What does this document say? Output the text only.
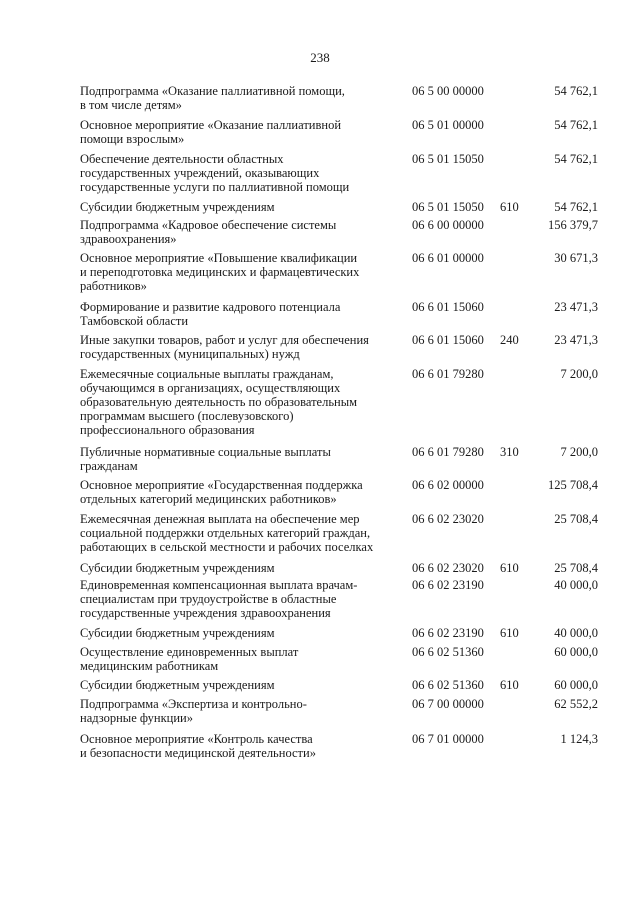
238
Подпрограмма «Оказание паллиативной помощи,
в том числе детям»
06 5 00 00000	54 762,1
Основное мероприятие «Оказание паллиативной
помощи взрослым»
06 5 01 00000	54 762,1
Обеспечение деятельности областных
государственных учреждений, оказывающих
государственные услуги по паллиативной помощи
06 5 01 15050	54 762,1
Субсидии бюджетным учреждениям	06 5 01 15050 610	54 762,1
Подпрограмма «Кадровое обеспечение системы
здравоохранения»
06 6 00 00000	156 379,7
Основное мероприятие «Повышение квалификации
и переподготовка медицинских и фармацевтических
работников»
06 6 01 00000	30 671,3
Формирование и развитие кадрового потенциала
Тамбовской области
06 6 01 15060	23 471,3
Иные закупки товаров, работ и услуг для обеспечения
государственных (муниципальных) нужд
06 6 01 15060 240	23 471,3
Ежемесячные социальные выплаты гражданам,
обучающимся в организациях, осуществляющих
образовательную деятельность по образовательным
программам высшего (послевузовского)
профессионального образования
06 6 01 79280	7 200,0
Публичные нормативные социальные выплаты
гражданам
06 6 01 79280 310	7 200,0
Основное мероприятие «Государственная поддержка
отдельных категорий медицинских работников»
06 6 02 00000	125 708,4
Ежемесячная денежная выплата на обеспечение мер
социальной поддержки отдельных категорий граждан,
работающих в сельской местности и рабочих поселках
06 6 02 23020	25 708,4
Субсидии бюджетным учреждениям	06 6 02 23020 610	25 708,4
Единовременная компенсационная выплата врачам-
специалистам при трудоустройстве в областные
государственные учреждения здравоохранения
06 6 02 23190	40 000,0
Субсидии бюджетным учреждениям	06 6 02 23190 610	40 000,0
Осуществление единовременных выплат
медицинским работникам
06 6 02 51360	60 000,0
Субсидии бюджетным учреждениям	06 6 02 51360 610	60 000,0
Подпрограмма «Экспертиза и контрольно-
надзорные функции»
06 7 00 00000	62 552,2
Основное мероприятие «Контроль качества
и безопасности медицинской деятельности»
06 7 01 00000	1 124,3
